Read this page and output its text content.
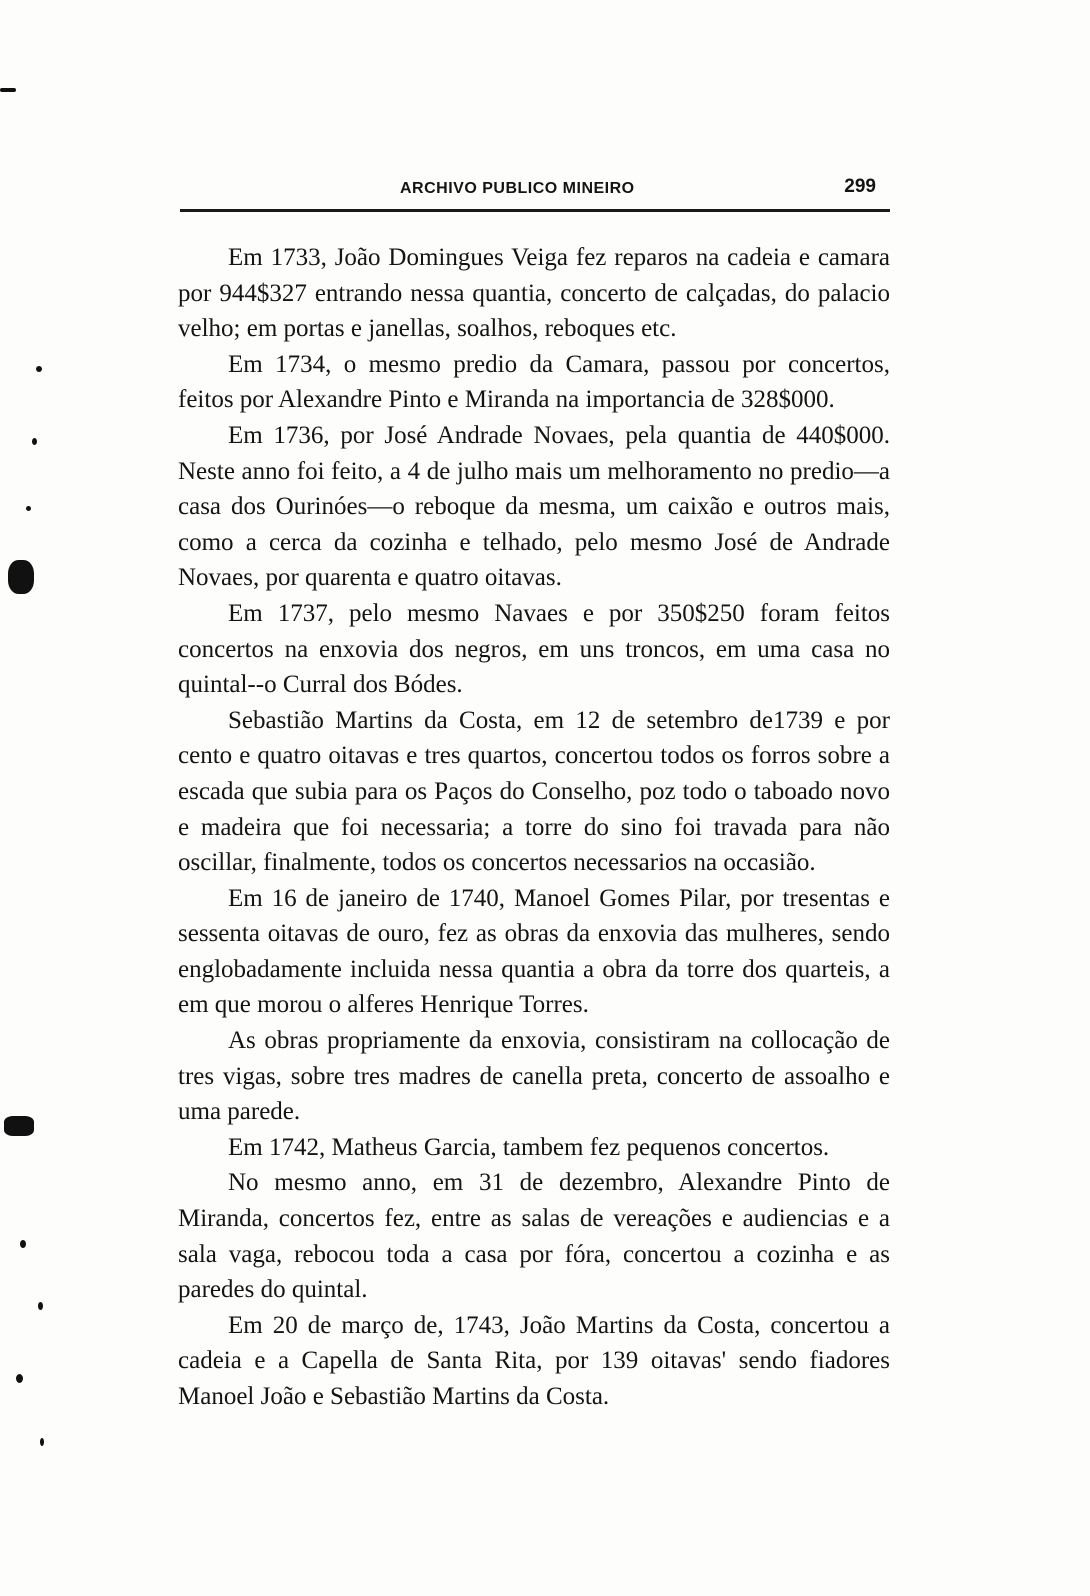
ARCHIVO PUBLICO MINEIRO	299

Em 1733, João Domingues Veiga fez reparos na cadeia e camara por 944$327 entrando nessa quantia, concerto de calçadas, do palacio velho; em portas e janellas, soalhos, reboques etc.

Em 1734, o mesmo predio da Camara, passou por concertos, feitos por Alexandre Pinto e Miranda na importancia de 328$000.

Em 1736, por José Andrade Novaes, pela quantia de 440$000. Neste anno foi feito, a 4 de julho mais um melhoramento no predio—a casa dos Ourinóes—o reboque da mesma, um caixão e outros mais, como a cerca da cozinha e telhado, pelo mesmo José de Andrade Novaes, por quarenta e quatro oitavas.

Em 1737, pelo mesmo Navaes e por 350$250 foram feitos concertos na enxovia dos negros, em uns troncos, em uma casa no quintal--o Curral dos Bódes.

Sebastião Martins da Costa, em 12 de setembro de1739 e por cento e quatro oitavas e tres quartos, concertou todos os forros sobre a escada que subia para os Paços do Conselho, poz todo o taboado novo e madeira que foi necessaria; a torre do sino foi travada para não oscillar, finalmente, todos os concertos necessarios na occasião.

Em 16 de janeiro de 1740, Manoel Gomes Pilar, por tresentas e sessenta oitavas de ouro, fez as obras da enxovia das mulheres, sendo englobadamente incluida nessa quantia a obra da torre dos quarteis, a em que morou o alferes Henrique Torres.

As obras propriamente da enxovia, consistiram na collocação de tres vigas, sobre tres madres de canella preta, concerto de assoalho e uma parede.

Em 1742, Matheus Garcia, tambem fez pequenos concertos.

No mesmo anno, em 31 de dezembro, Alexandre Pinto de Miranda, concertos fez, entre as salas de vereações e audiencias e a sala vaga, rebocou toda a casa por fóra, concertou a cozinha e as paredes do quintal.

Em 20 de março de, 1743, João Martins da Costa, concertou a cadeia e a Capella de Santa Rita, por 139 oitavas' sendo fiadores Manoel João e Sebastião Martins da Costa.
